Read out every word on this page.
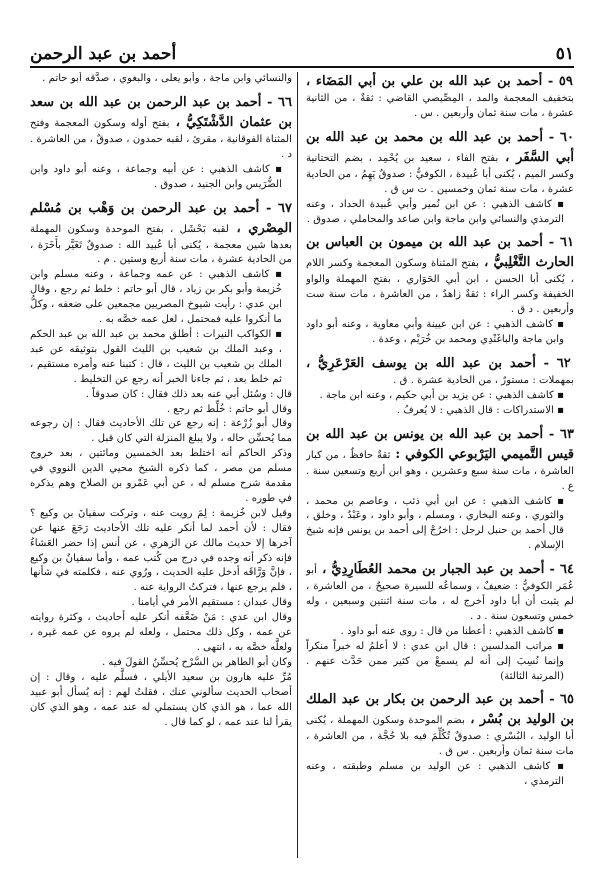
٥١
أحمد بن عبد الرحمن
٥٩ - أحمد بن عبد الله بن علي بن أبي المَضَاء ، بتخفيف المعجمة والمد ، المِصِّيصي القاضي : ثقةٌ ، من الثانية عشرة ، مات سنة ثمان وأربعين . س .
٦٠ - أحمد بن عبد الله بن محمد بن عبد الله بن أبي السَّفَر ، بفتح الفاء ، سعيد بن يُحْمِد ، بضم التحتانية وكسر الميم ، يُكنى أبا عُبيدة ، الكوفيُّ : صدوقٌ يَهِمُ ، من الحادية عشرة ، مات سنة ثمان وخمسين . ت س ق .

▪ كاشف الذهبي : عن ابن نُمير وأبي عُبيدة الحداد ، وعنه الترمذي والنسائي وابن ماجة وابن صاعد والمحاملي ، صدوق .

٦١ - أحمد بن عبد الله بن ميمون بن العباس بن الحارث التَّغْلِبيُّ ، بفتح المثناة وسكون المعجمة وكسر اللام ، يُكنى أبا الحسن ، ابن أبي الحَوَاري ، بفتح المهملة والواو الخفيفة وكسر الراء : ثقةٌ زاهدٌ ، من العاشرة ، مات سنة ست وأربعين . د ق .

▪ كاشف الذهبي : عن ابن عيينة وأبي معاوية ، وعنه أبو داود وابن ماجة والباغَنْدِي ومحمد بن خُرَيْم ، وعدة .

٦٢ - أحمد بن عبد الله بن يوسف العَرْعَرِيُّ ، بمهملات : مستورٌ ، من الحادية عشرة . ق .

▪ كاشف الذهبي : عن يزيد بن أبي حكيم ، وعنه ابن ماجة .

▪ الاستدراكات : قال الذهبي : لا يُعرفُ .

٦٣ - أحمد بن عبد الله بن يونس بن عبد الله بن قيس التَّميمي اليَرْبوعي الكوفي : ثقةٌ حافظٌ ، من كبار العاشرة ، مات سنة سبع وعشرين ، وهو ابن أربع وتسعين سنة . ع .

▪ كاشف الذهبي : عن ابن أبي ذئب ، وعاصم بن محمد ، والثوري ، وعنه البخاري ، ومسلم ، وأبو داود ، وعَبْدٌ ، وخلق ، قال أحمد بن حنبل لرجل : اخرُجْ إلى أحمد بن يونس فإنه شيخ الإسلام .

٦٤ - أحمد بن عبد الجبار بن محمد العُطَارِدِيُّ ، أبو عُمَر الكوفيُّ : ضعيفٌ ، وسماعُه للسيرة صحيحٌ ، من العاشرة ، لم يثبت أن أبا داود أخرج له ، مات سنة اثنتين وسبعين ، وله خمس وتسعون سنة . د .

▪ كاشف الذهبي : أعطنا من قال : روى عنه أبو داود .

▪ مراتب المدلسين : قال ابن عدي : لا أعلمُ له خبراً منكراً وإنما نُسِبَ إلى أنه لم يسمعْ من كثير ممن حَدَّث عنهم . (المرتبة الثالثة)

٦٥ - أحمد بن عبد الرحمن بن بكار بن عبد الملك بن الوليد بن بُسْر ، بضم الموحدة وسكون المهملة ، يُكنى أبا الوليد ، البُسْري : صدوقٌ تُكُلِّمَ فيه بلا حُجَّة ، من العاشرة ، مات سنة ثمان وأربعين . س ق .

▪ كاشف الذهبي : عن الوليد بن مسلم وطبقته ، وعنه الترمذي ،

والنسائي وابن ماجة ، وأبو يعلى ، والبغوي ، صدَّقه أبو حاتم .

٦٦ - أحمد بن عبد الرحمن بن عبد الله بن سعد بن عثمان الدَّشْتَكِيُّ ، بفتح أوله وسكون المعجمة وفتح المثناة الفوقانية ، مقرئ ، لقبه حمدون ، صدوقٌ ، من العاشرة . د .

▪ كاشف الذهبي : عن أبيه وجماعة ، وعنه أبو داود وابن الضُّرَيس وابن الجنيد ، صدوق .

٦٧ - أحمد بن عبد الرحمن بن وَهْب بن مُسْلم المِصْري ، لقبه بَحْشَل ، بفتح الموحدة وسكون المهملة بعدها شين معجمة ، يُكنى أبا عُبيد الله : صدوقٌ تَغَيَّر بأَخَرَة ، من الحادية عشرة ، مات سنة أربع وستين . م .

▪ كاشف الذهبي : عن عمه وجماعة ، وعنه مسلم وابن خُزيمة وأبو بكر بن زياد ، قال أبو حاتم : خلط ثم رجع ، وقال ابن عدي : رأيت شيوخ المصريين مجمعين على ضعفه ، وكلُّ ما أنكروا عليه فمحتمل ، لعل عمه خصَّه به .

▪ الكواكب النيرات : أطلق محمد بن عبد الله بن عبد الحكم ، وعبد الملك بن شعيب بن الليث القول بتوثيقه عن عبد الملك بن شعيب بن الليث ، قال : كتبنا عنه وأمره مستقيم ، ثم خلط بعد ، ثم جاءنا الخبر أنه رجع عن التخليط .

قال : وسُئل أبي عنه بعد ذلك فقال : كان صدوقاً .

وقال أبو حاتم : خُلِّط ثم رجع .

وقال أبو زُرْعة : إنه رجع عن تلك الأحاديث فقال : إن رجوعه مما يُحسِّن حاله ، ولا يبلغ المنزلة التي كان قبل .

وذكر الحاكم أنه اختلط بعد الخمسين ومائتين ، بعد خروج مسلم من مصر ، كما ذكره الشيخ محيي الدين النووي في مقدمة شرح مسلم له ، عن أبي عَمْرو بن الصلاح وهم يذكره في طوره .

وقيل لابن خُزيمة : لِمَ رويت عنه ، وتركت سفيانَ بن وكيع ؟ فقال : لأن أحمد لما أنكر عليه تلك الأحاديث رَجَعَ عنها عن آخرها إلا حديث مالك عن الزهري ، عن أنس إذا حضر العَشاءُ فإنه ذكر أنه وجده في درج من كُتب عمه ، وأما سفيانُ بن وكيع ، فإنَّ وَرَّاقَه أدخل عليه الحديث ، ورُوي عنه ، فكلمته في شأنها ، فلم يرجع عنها ، فتركتُ الرواية عنه .

وقال عبدان : مستقيم الأمر في أيامنا .

وقال ابن عدي : مَنْ ضَعَّفه أنكر عليه أحاديث ، وكثرة روايته عن عمه ، وكل ذلك محتمل ، ولعله لم يروه عن عمه غيره ، ولعلَّه خصَّه به ، انتهى .

وكان أبو الطاهر بن السَّرْح يُحسِّنُ القولَ فيه .

مُرِّ عليه هارون بن سعيد الأيلي ، فسلَّم عليه ، وقال : إن أصحاب الحديث سألوني عنك ، فقلتُ لهم : إنه يُسأل أبو عبيد الله عما ، هو الذي كان يستملي له عند عمه ، وهو الذي كان يقرأ لنا عند عمه ، لو كما قال .
